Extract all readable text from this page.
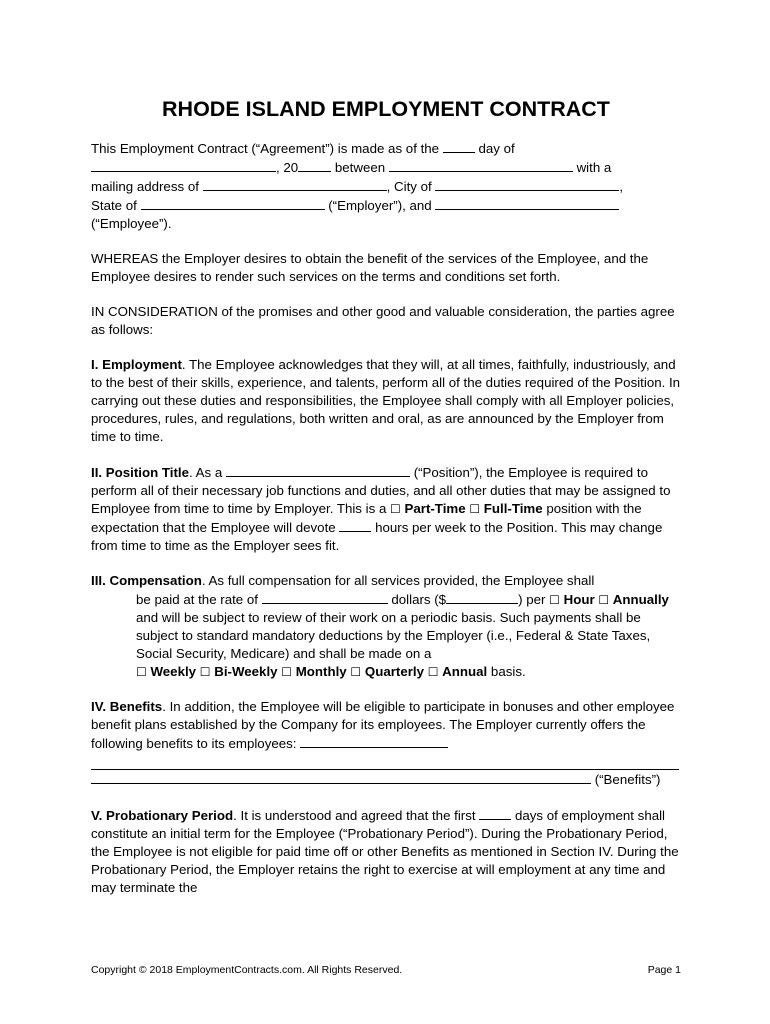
RHODE ISLAND EMPLOYMENT CONTRACT

This Employment Contract (“Agreement”) is made as of the	day of
, 20	between	with a
mailing address of	, City of	,
State of	(“Employer”), and
(“Employee”).

WHEREAS the Employer desires to obtain the benefit of the services of the Employee, and the Employee desires to render such services on the terms and conditions set forth.

IN CONSIDERATION of the promises and other good and valuable consideration, the parties agree as follows:

I. Employment. The Employee acknowledges that they will, at all times, faithfully, industriously, and to the best of their skills, experience, and talents, perform all of the duties required of the Position. In carrying out these duties and responsibilities, the Employee shall comply with all Employer policies, procedures, rules, and regulations, both written and oral, as are announced by the Employer from time to time.

II. Position Title. As a	(“Position”), the Employee is required to perform all of their necessary job functions and duties, and all other duties that may be assigned to Employee from time to time by Employer. This is a ☐ Part-Time ☐ Full-Time position with the expectation that the Employee will devote	hours per week to the Position. This may change from time to time as the Employer sees fit.

III. Compensation. As full compensation for all services provided, the Employee shall
be paid at the rate of	dollars ($	) per ☐ Hour ☐ Annually and will be subject to review of their work on a periodic basis. Such payments shall be subject to standard mandatory deductions by the Employer (i.e., Federal & State Taxes, Social Security, Medicare) and shall be made on a
☐ Weekly ☐ Bi-Weekly ☐ Monthly ☐ Quarterly ☐ Annual basis.

IV. Benefits. In addition, the Employee will be eligible to participate in bonuses and other employee benefit plans established by the Company for its employees. The Employer currently offers the following benefits to its employees:
(“Benefits”)

V. Probationary Period. It is understood and agreed that the first	days of employment shall constitute an initial term for the Employee (“Probationary Period”). During the Probationary Period, the Employee is not eligible for paid time off or other Benefits as mentioned in Section IV. During the Probationary Period, the Employer retains the right to exercise at will employment at any time and may terminate the

Copyright © 2018 EmploymentContracts.com. All Rights Reserved.	Page 1
